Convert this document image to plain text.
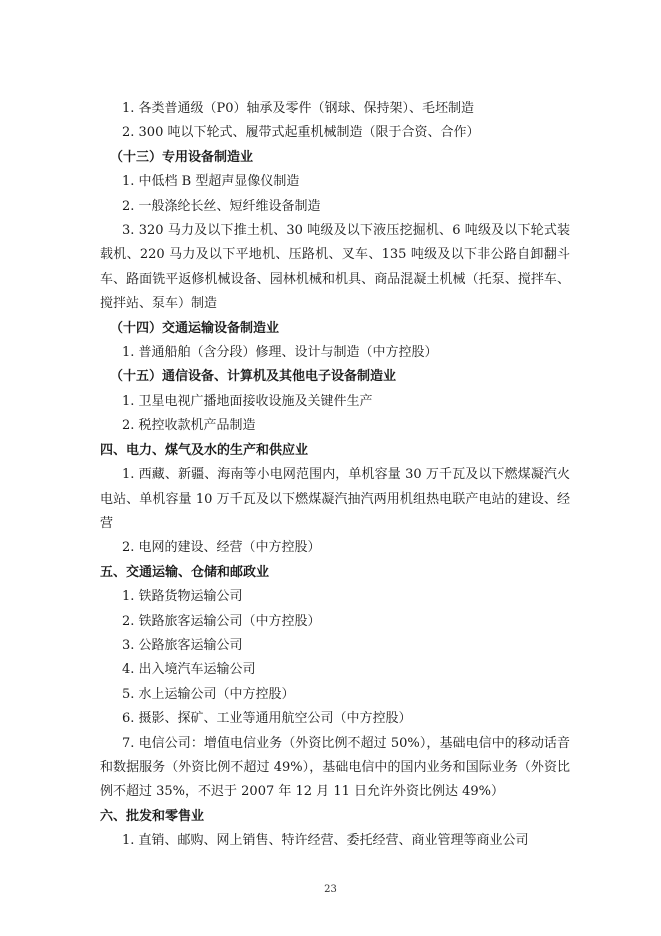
1. 各类普通级（P0）轴承及零件（钢球、保持架）、毛坯制造

2. 300 吨以下轮式、履带式起重机械制造（限于合资、合作）

（十三）专用设备制造业

1. 中低档 B 型超声显像仪制造

2. 一般涤纶长丝、短纤维设备制造

3. 320 马力及以下推土机、30 吨级及以下液压挖掘机、6 吨级及以下轮式装载机、220 马力及以下平地机、压路机、叉车、135 吨级及以下非公路自卸翻斗车、路面铣平返修机械设备、园林机械和机具、商品混凝土机械（托泵、搅拌车、搅拌站、泵车）制造

（十四）交通运输设备制造业

1. 普通船舶（含分段）修理、设计与制造（中方控股）

（十五）通信设备、计算机及其他电子设备制造业

1. 卫星电视广播地面接收设施及关键件生产

2. 税控收款机产品制造

四、电力、煤气及水的生产和供应业

1. 西藏、新疆、海南等小电网范围内，单机容量 30 万千瓦及以下燃煤凝汽火电站、单机容量 10 万千瓦及以下燃煤凝汽抽汽两用机组热电联产电站的建设、经营

2. 电网的建设、经营（中方控股）

五、交通运输、仓储和邮政业

1. 铁路货物运输公司

2. 铁路旅客运输公司（中方控股）

3. 公路旅客运输公司

4. 出入境汽车运输公司

5. 水上运输公司（中方控股）

6. 摄影、探矿、工业等通用航空公司（中方控股）

7. 电信公司：增值电信业务（外资比例不超过 50%），基础电信中的移动话音和数据服务（外资比例不超过 49%），基础电信中的国内业务和国际业务（外资比例不超过 35%，不迟于 2007 年 12 月 11 日允许外资比例达 49%）

六、批发和零售业

1. 直销、邮购、网上销售、特许经营、委托经营、商业管理等商业公司

23
